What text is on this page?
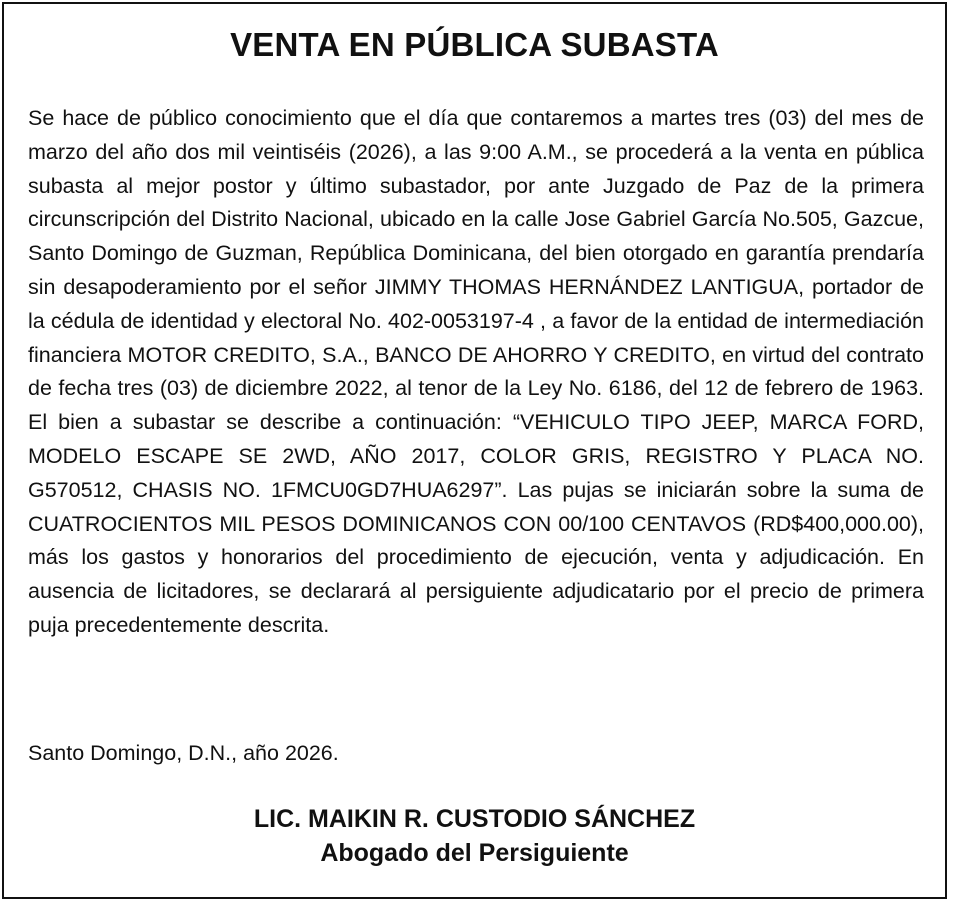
VENTA EN PÚBLICA SUBASTA

Se hace de público conocimiento que el día que contaremos a martes tres (03) del mes de marzo del año dos mil veintiséis (2026), a las 9:00 A.M., se procederá a la venta en pública subasta al mejor postor y último subastador, por ante Juzgado de Paz de la primera circunscripción del Distrito Nacional, ubicado en la calle Jose Gabriel García No.505, Gazcue, Santo Domingo de Guzman, República Dominicana, del bien otorgado en garantía prendaría sin desapoderamiento por el señor JIMMY THOMAS HERNÁNDEZ LANTIGUA, portador de la cédula de identidad y electoral No. 402-0053197-4 , a favor de la entidad de intermediación financiera MOTOR CREDITO, S.A., BANCO DE AHORRO Y CREDITO, en virtud del contrato de fecha tres (03) de diciembre 2022, al tenor de la Ley No. 6186, del 12 de febrero de 1963. El bien a subastar se describe a continuación: “VEHICULO TIPO JEEP, MARCA FORD, MODELO ESCAPE SE 2WD, AÑO 2017, COLOR GRIS, REGISTRO Y PLACA NO. G570512, CHASIS NO. 1FMCU0GD7HUA6297”. Las pujas se iniciarán sobre la suma de CUATROCIENTOS MIL PESOS DOMINICANOS CON 00/100 CENTAVOS (RD$400,000.00), más los gastos y honorarios del procedimiento de ejecución, venta y adjudicación. En ausencia de licitadores, se declarará al persiguiente adjudicatario por el precio de primera puja precedentemente descrita.

Santo Domingo, D.N., año 2026.

LIC. MAIKIN R. CUSTODIO SÁNCHEZ
Abogado del Persiguiente
